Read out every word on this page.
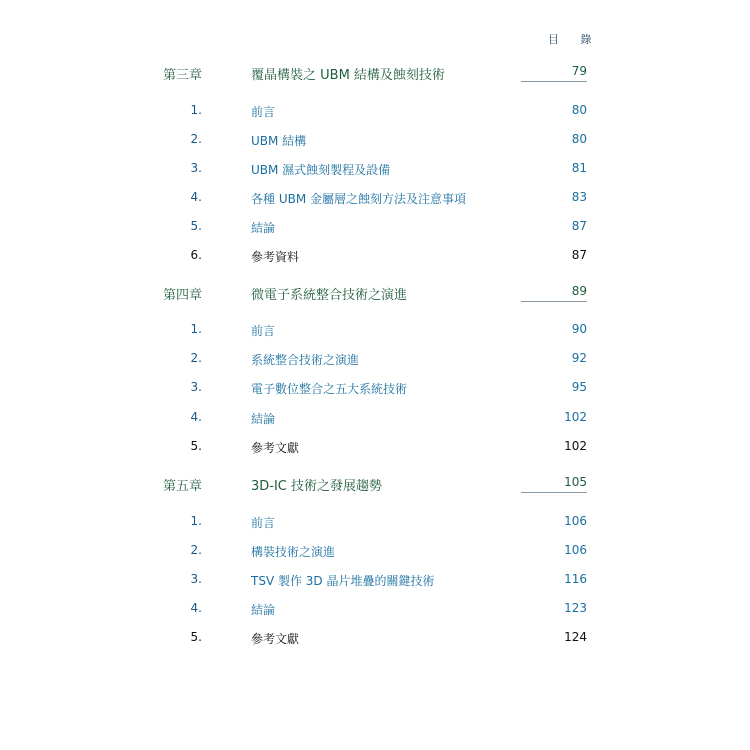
目 錄
第三章	覆晶構裝之 UBM 結構及蝕刻技術	79
1.	前言	80
2.	UBM 結構	80
3.	UBM 濕式蝕刻製程及設備	81
4.	各種 UBM 金屬層之蝕刻方法及注意事項	83
5.	結論	87
6.	參考資料	87
第四章	微電子系統整合技術之演進	89
1.	前言	90
2.	系統整合技術之演進	92
3.	電子數位整合之五大系統技術	95
4.	結論	102
5.	參考文獻	102
第五章	3D-IC 技術之發展趨勢	105
1.	前言	106
2.	構裝技術之演進	106
3.	TSV 製作 3D 晶片堆疊的關鍵技術	116
4.	結論	123
5.	參考文獻	124
